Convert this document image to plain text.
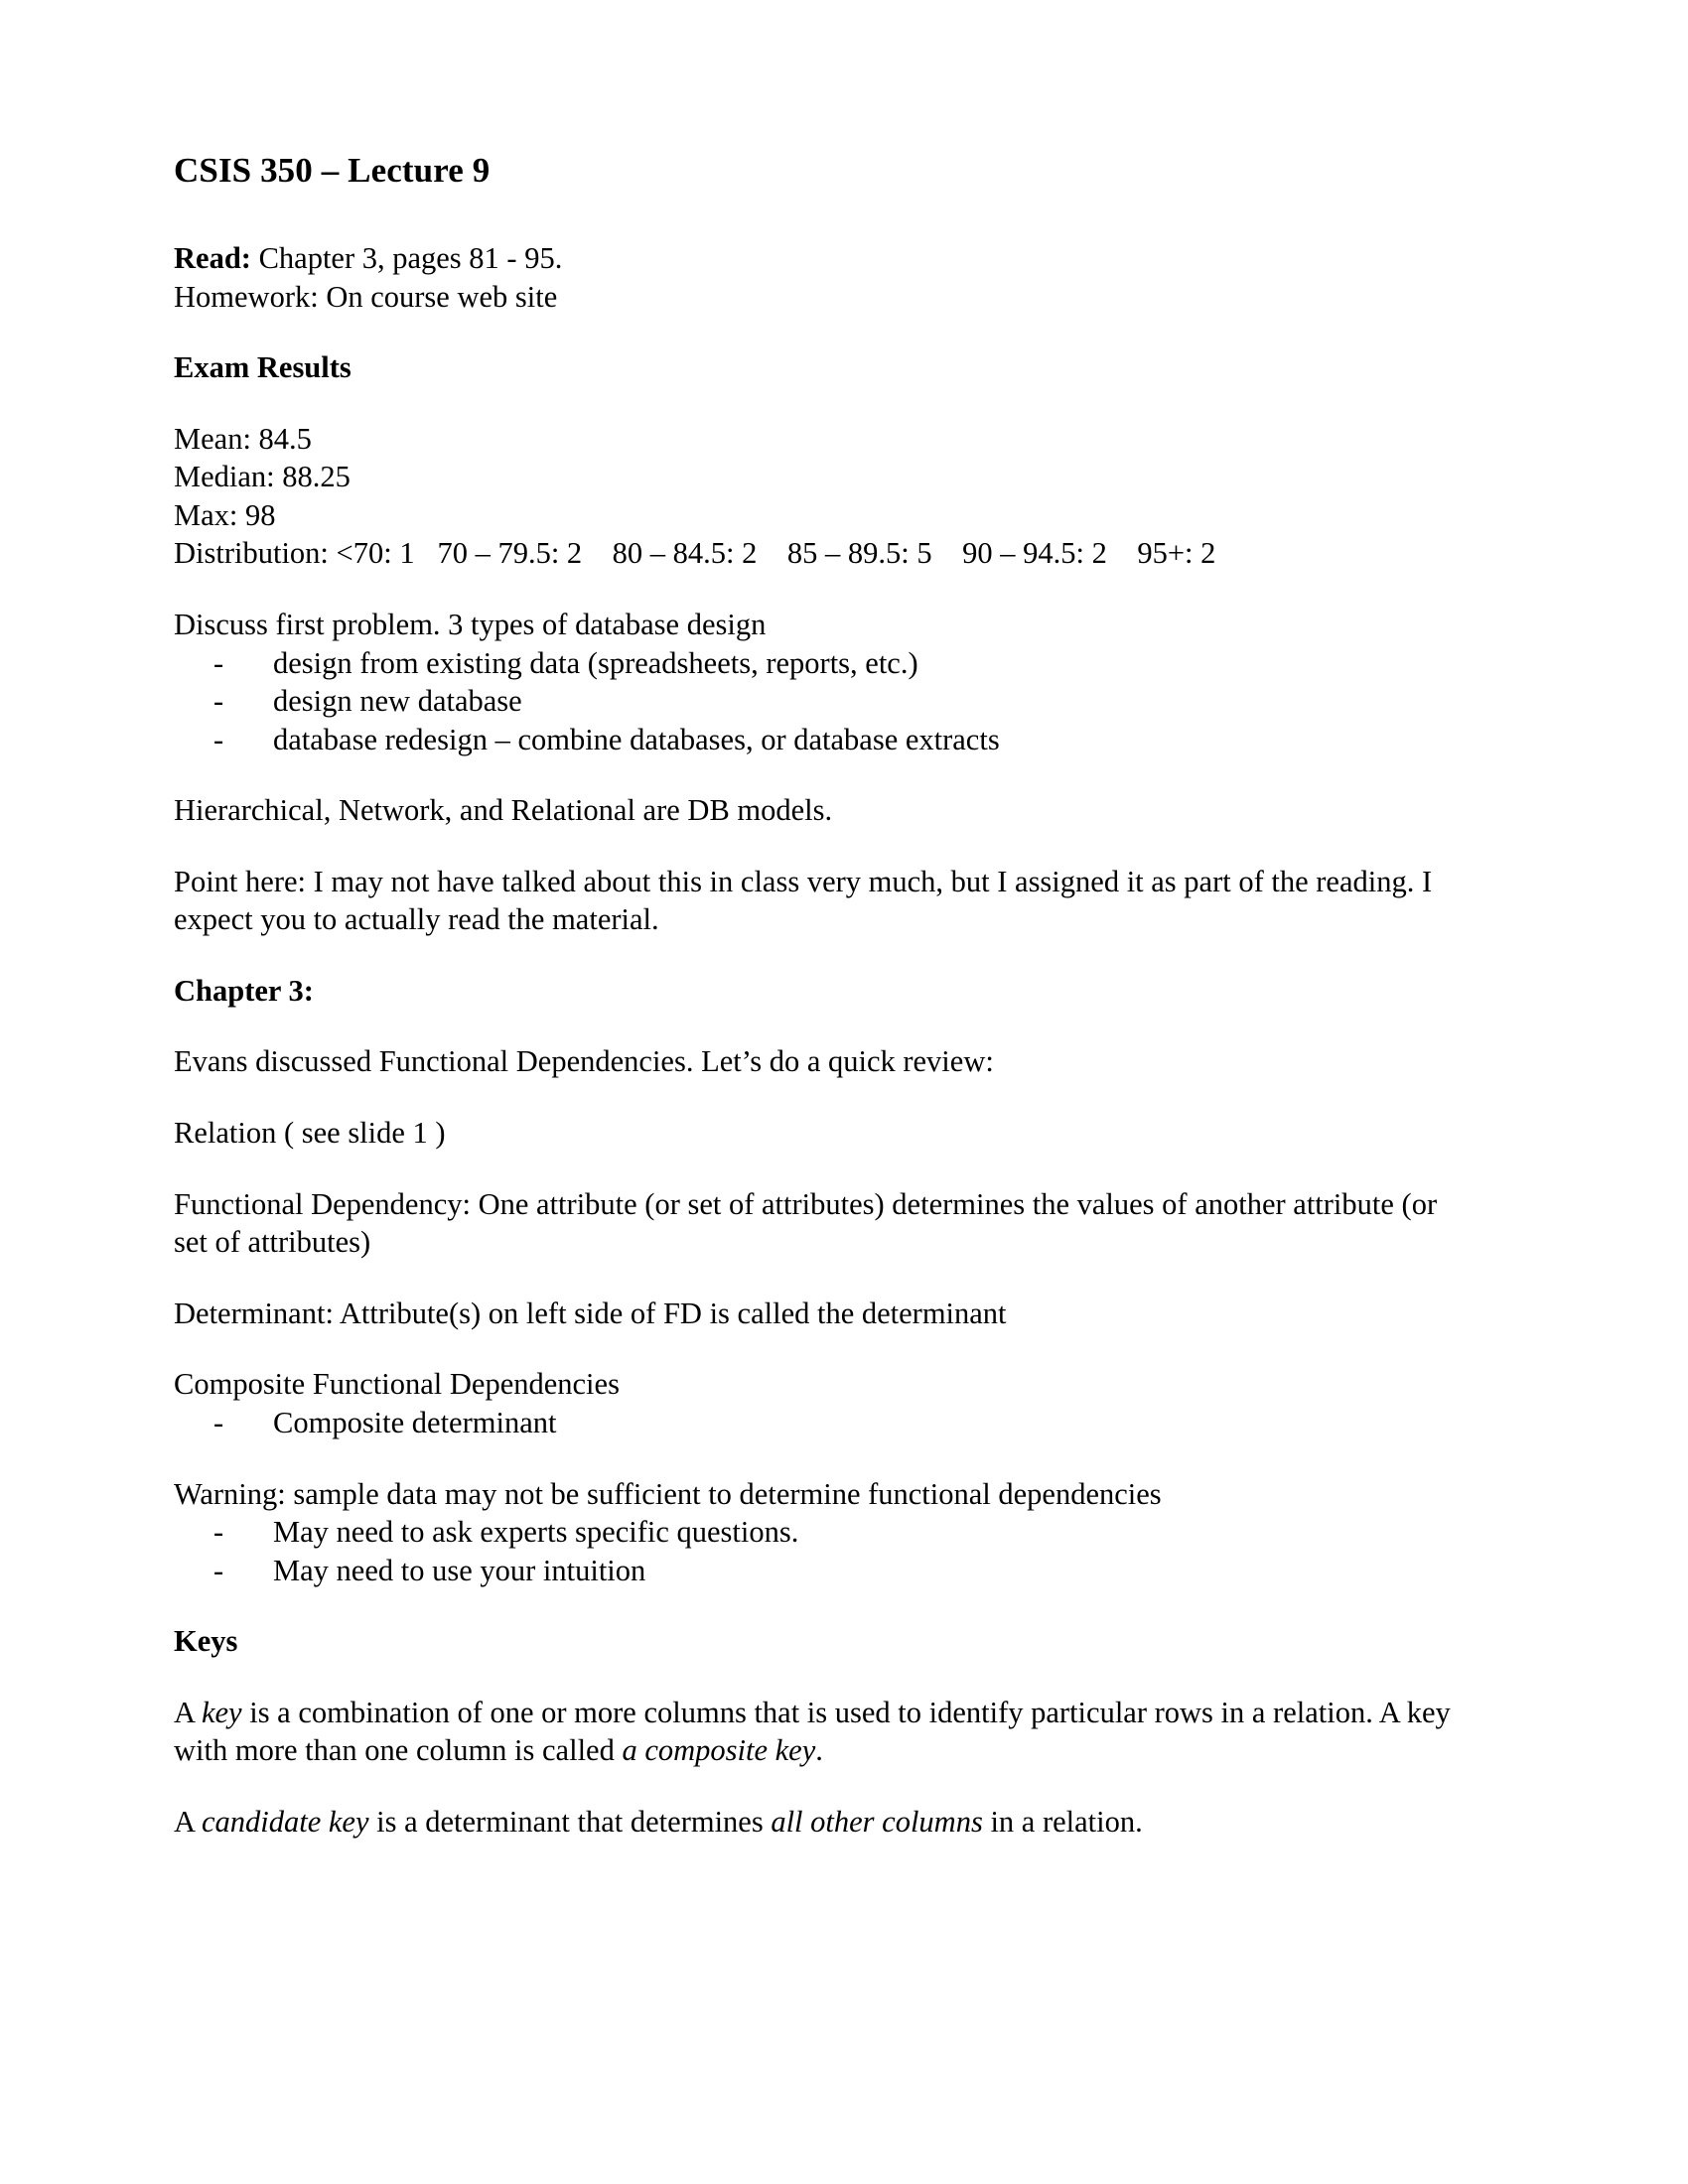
CSIS 350 – Lecture 9
Read: Chapter 3, pages 81 - 95.
Homework: On course web site
Exam Results
Mean: 84.5
Median: 88.25
Max: 98
Distribution: <70: 1   70 – 79.5: 2    80 – 84.5: 2    85 – 89.5: 5    90 – 94.5: 2    95+: 2

Discuss first problem. 3 types of database design

- design from existing data (spreadsheets, reports, etc.)
- design new database
- database redesign – combine databases, or database extracts

Hierarchical, Network, and Relational are DB models.

Point here: I may not have talked about this in class very much, but I assigned it as part of the reading. I expect you to actually read the material.

Chapter 3:

Evans discussed Functional Dependencies. Let’s do a quick review:

Relation ( see slide 1 )

Functional Dependency: One attribute (or set of attributes) determines the values of another attribute (or set of attributes)

Determinant: Attribute(s) on left side of FD is called the determinant

Composite Functional Dependencies

- Composite determinant

Warning: sample data may not be sufficient to determine functional dependencies

- May need to ask experts specific questions.
- May need to use your intuition
Keys

A key is a combination of one or more columns that is used to identify particular rows in a relation. A key with more than one column is called a composite key.

A candidate key is a determinant that determines all other columns in a relation.
